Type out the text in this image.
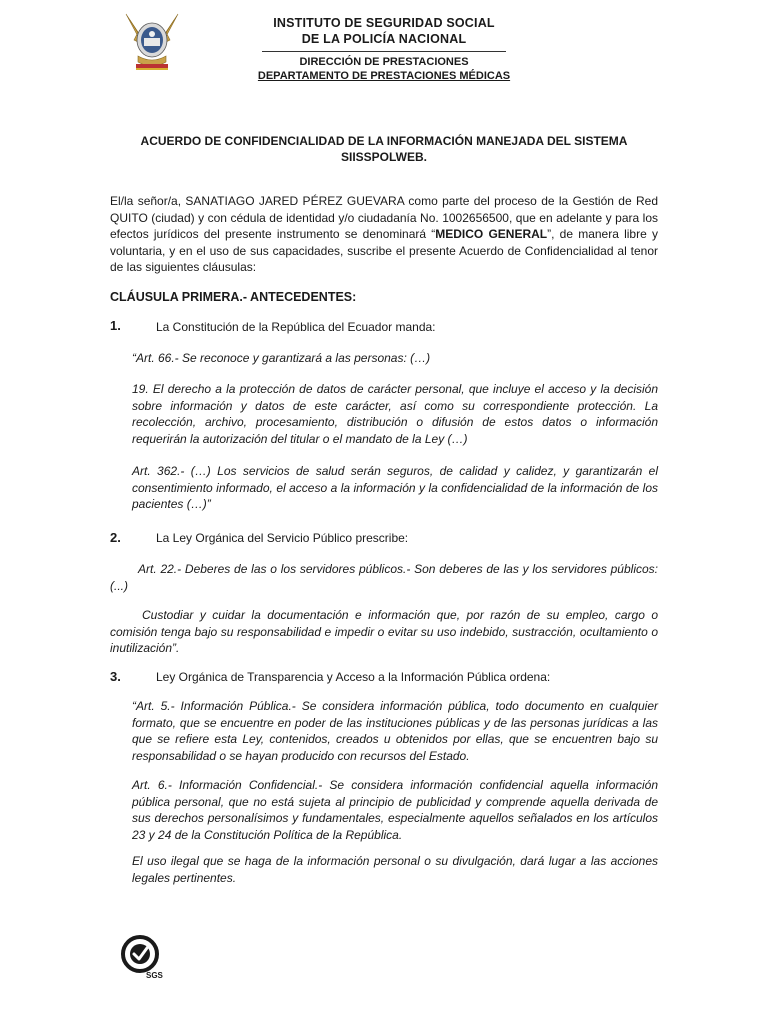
INSTITUTO DE SEGURIDAD SOCIAL
DE LA POLICÍA NACIONAL
DIRECCIÓN DE PRESTACIONES
DEPARTAMENTO DE PRESTACIONES MÉDICAS
ACUERDO DE CONFIDENCIALIDAD DE LA INFORMACIÓN MANEJADA DEL SISTEMA SIISSPOLWEB.
El/la señor/a, SANATIAGO JARED PÉREZ GUEVARA como parte del proceso de la Gestión de Red QUITO (ciudad) y con cédula de identidad y/o ciudadanía No. 1002656500, que en adelante y para los efectos jurídicos del presente instrumento se denominará “MEDICO GENERAL”, de manera libre y voluntaria, y en el uso de sus capacidades, suscribe el presente Acuerdo de Confidencialidad al tenor de las siguientes cláusulas:
CLÁUSULA PRIMERA.- ANTECEDENTES:
1.	La Constitución de la República del Ecuador manda:
“Art. 66.- Se reconoce y garantizará a las personas: (…)
19. El derecho a la protección de datos de carácter personal, que incluye el acceso y la decisión sobre información y datos de este carácter, así como su correspondiente protección. La recolección, archivo, procesamiento, distribución o difusión de estos datos o información requerirán la autorización del titular o el mandato de la Ley (…)
Art. 362.- (…) Los servicios de salud serán seguros, de calidad y calidez, y garantizarán el consentimiento informado, el acceso a la información y la confidencialidad de la información de los pacientes (…)”
2.	La Ley Orgánica del Servicio Público prescribe:
Art. 22.- Deberes de las o los servidores públicos.- Son deberes de las y los servidores públicos: (...)
Custodiar y cuidar la documentación e información que, por razón de su empleo, cargo o comisión tenga bajo su responsabilidad e impedir o evitar su uso indebido, sustracción, ocultamiento o inutilización”.
3.	Ley Orgánica de Transparencia y Acceso a la Información Pública ordena:
“Art. 5.- Información Pública.- Se considera información pública, todo documento en cualquier formato, que se encuentre en poder de las instituciones públicas y de las personas jurídicas a las que se refiere esta Ley, contenidos, creados u obtenidos por ellas, que se encuentren bajo su responsabilidad o se hayan producido con recursos del Estado.
Art. 6.- Información Confidencial.- Se considera información confidencial aquella información pública personal, que no está sujeta al principio de publicidad y comprende aquella derivada de sus derechos personalísimos y fundamentales, especialmente aquellos señalados en los artículos 23 y 24 de la Constitución Política de la República.
El uso ilegal que se haga de la información personal o su divulgación, dará lugar a las acciones legales pertinentes.
SGS
